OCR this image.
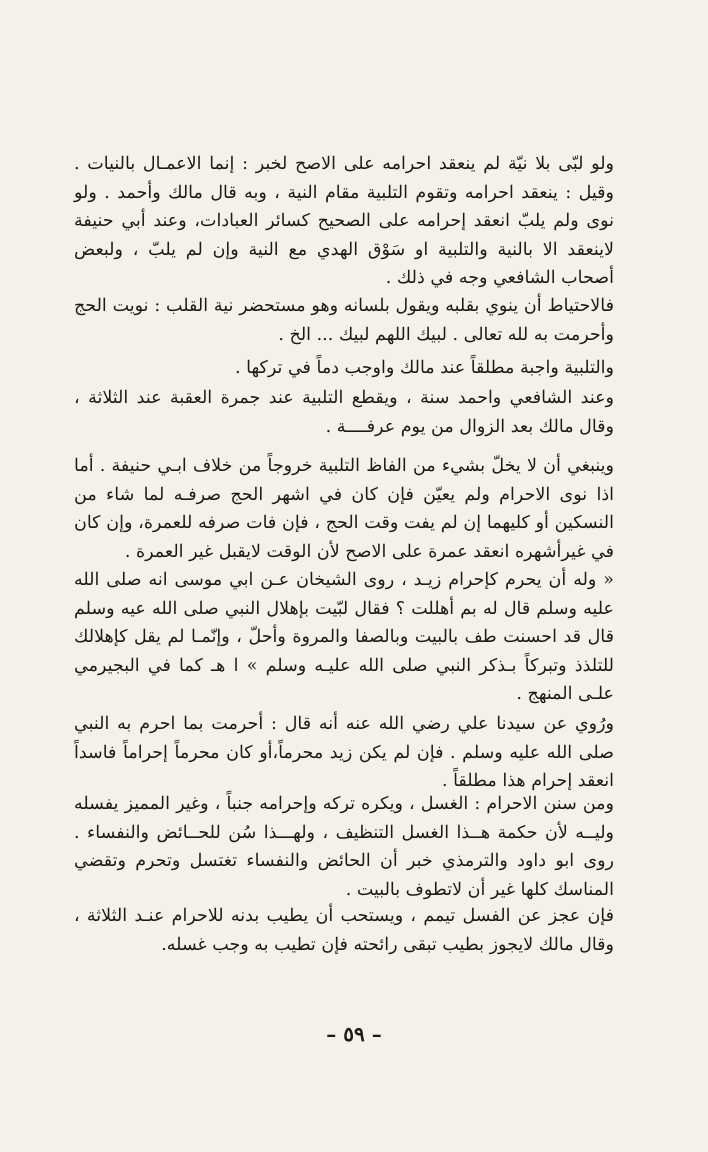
ولو لبّى بلا نيّة لم ينعقد احرامه على الاصح لخبر : إنما الاعمـال بالنيات . وقيل : ينعقد احرامه وتقوم التلبية مقام النية ، وبه قال مالك وأحمد . ولو نوى ولم يلبّ انعقد إحرامه على الصحيح كسائر العبادات، وعند أبي حنيفة لاينعقد الا بالنية والتلبية او سَوْق الهدي مع النية وإن لم يلبّ ، ولبعض أصحاب الشافعي وجه في ذلك .

فالاحتياط أن ينوي بقلبه ويقول بلسانه وهو مستحضر نية القلب : نويت الحج وأحرمت به لله تعالى . لبيك اللهم لبيك ... الخ .

والتلبية واجبة مطلقاً عند مالك واوجب دماً في تركها .

وعند الشافعي واحمد سنة ، ويقطع التلبية عند جمرة العقبة عند الثلاثة ، وقال مالك بعد الزوال من يوم عرفــــة .

وينبغي أن لا يخلّ بشيء من الفاظ التلبية خروجاً من خلاف ابـي حنيفة . أما اذا نوى الاحرام ولم يعيّن فإن كان في اشهر الحج صرفـه لما شاء من النسكين أو كليهما إن لم يفت وقت الحج ، فإن فات صرفه للعمرة، وإن كان في غيرأشهره انعقد عمرة على الاصح لأن الوقت لايقبل غير العمرة .

« وله أن يحرم كإحرام زيـد ، روى الشيخان عـن ابي موسى انه صلى الله عليه وسلم قال له بم أهللت ؟ فقال لبّيت بإهلال النبي صلى الله عيه وسلم قال قد احسنت طف بالبيت وبالصفا والمروة وأحلّ ، وإنّمـا لم يقل كإهلالك للتلذذ وتبركاً بـذكر النبي صلى الله عليـه وسلم » ا هـ كما في البجيرمي علـى المنهج .

ورُوي عن سيدنا علي رضي الله عنه أنه قال : أحرمت بما احرم به النبي صلى الله عليه وسلم . فإن لم يكن زيد محرماً،أو كان محرماً إحراماً فاسداً انعقد إحرام هذا مطلقاً .

ومن سنن الاحرام : الغسل ، ويكره تركه وإحرامه جنباً ، وغير المميز يفسله وليــه لأن حكمة هــذا الغسل التنظيف ، ولهـــذا سُن للحــائض والنفساء . روى ابو داود والترمذي خبر أن الحائض والنفساء تغتسل وتحرم وتقضي المناسك كلها غير أن لاتطوف بالبيت .

فإن عجز عن الفسل تيمم ، ويستحب أن يطيب بدنه للاحرام عنـد الثلاثة ، وقال مالك لايجوز بطيب تبقى رائحته فإن تطيب به وجب غسله.

– ٥٩ –
